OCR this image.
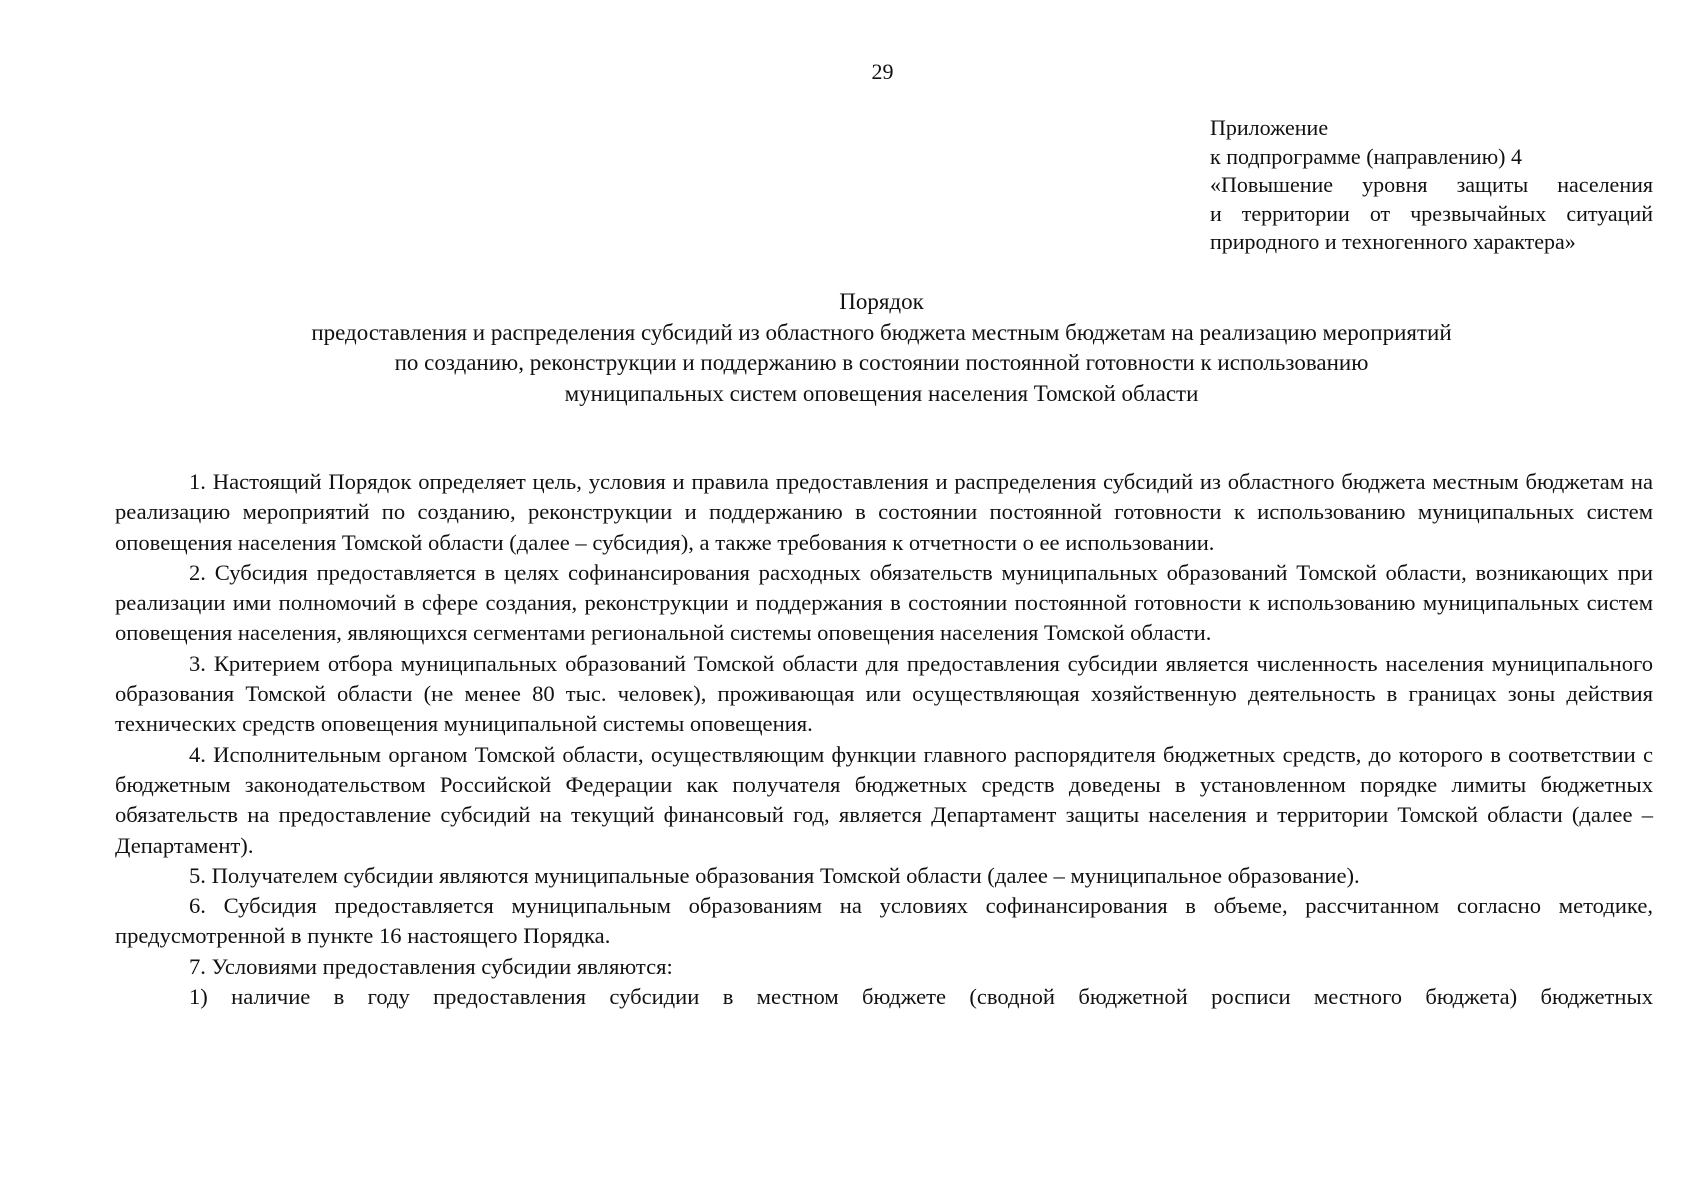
29
Приложение
к подпрограмме (направлению) 4
«Повышение уровня защиты населения
и территории от чрезвычайных ситуаций
природного и техногенного характера»
Порядок
предоставления и распределения субсидий из областного бюджета местным бюджетам на реализацию мероприятий
по созданию, реконструкции и поддержанию в состоянии постоянной готовности к использованию
муниципальных систем оповещения населения Томской области

1. Настоящий Порядок определяет цель, условия и правила предоставления и распределения субсидий из областного бюджета местным бюджетам на реализацию мероприятий по созданию, реконструкции и поддержанию в состоянии постоянной готовности к использованию муниципальных систем оповещения населения Томской области (далее – субсидия), а также требования к отчетности о ее использовании.

2. Субсидия предоставляется в целях софинансирования расходных обязательств муниципальных образований Томской области, возникающих при реализации ими полномочий в сфере создания, реконструкции и поддержания в состоянии постоянной готовности к использованию муниципальных систем оповещения населения, являющихся сегментами региональной системы оповещения населения Томской области.

3. Критерием отбора муниципальных образований Томской области для предоставления субсидии является численность населения муниципального образования Томской области (не менее 80 тыс. человек), проживающая или осуществляющая хозяйственную деятельность в границах зоны действия технических средств оповещения муниципальной системы оповещения.

4. Исполнительным органом Томской области, осуществляющим функции главного распорядителя бюджетных средств, до которого в соответствии с бюджетным законодательством Российской Федерации как получателя бюджетных средств доведены в установленном порядке лимиты бюджетных обязательств на предоставление субсидий на текущий финансовый год, является Департамент защиты населения и территории Томской области (далее – Департамент).

5. Получателем субсидии являются муниципальные образования Томской области (далее – муниципальное образование).

6. Субсидия предоставляется муниципальным образованиям на условиях софинансирования в объеме, рассчитанном согласно методике, предусмотренной в пункте 16 настоящего Порядка.

7. Условиями предоставления субсидии являются:

1) наличие в году предоставления субсидии в местном бюджете (сводной бюджетной росписи местного бюджета) бюджетных
